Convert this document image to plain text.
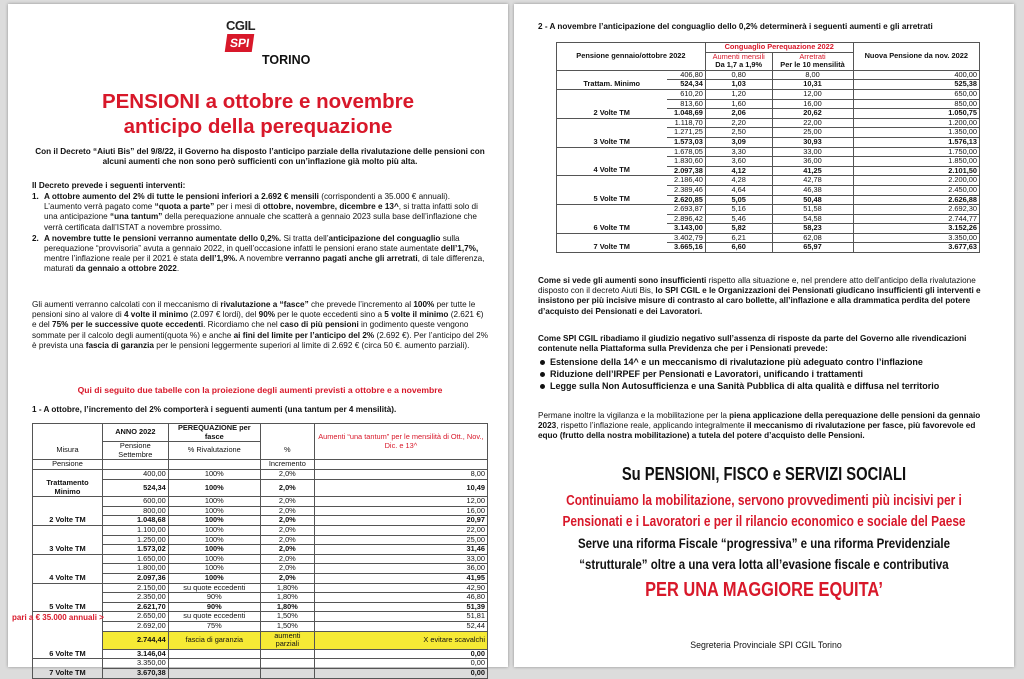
CGIL
SPI
TORINO
PENSIONI a ottobre e novembre
anticipo della perequazione
Con il Decreto “Aiuti Bis” del 9/8/22, il Governo ha disposto l’anticipo parziale della rivalutazione delle pensioni con alcuni aumenti che non sono però sufficienti con un’inflazione già molto più alta.
Il Decreto prevede i seguenti interventi:
1. A ottobre aumento del 2% di tutte le pensioni inferiori a 2.692 € mensili (corrispondenti a 35.000 € annuali). L’aumento verrà pagato come “quota a parte” per i mesi di ottobre, novembre, dicembre e 13^, si tratta infatti solo di una anticipazione “una tantum” della perequazione annuale che scatterà a gennaio 2023 sulla base dell’inflazione che verrà certificata dall’ISTAT a novembre prossimo.
2. A novembre tutte le pensioni verranno aumentate dello 0,2%. Si tratta dell’anticipazione del conguaglio sulla perequazione “provvisoria” avuta a gennaio 2022, in quell’occasione infatti le pensioni erano state aumentate dell’1,7%, mentre l’inflazione reale per il 2021 è stata dell’1,9%. A novembre verranno pagati anche gli arretrati, di tale differenza, maturati da gennaio a ottobre 2022.
Gli aumenti verranno calcolati con il meccanismo di rivalutazione a “fasce” che prevede l’incremento al 100% per tutte le pensioni sino al valore di 4 volte il minimo (2.097 € lordi), del 90% per le quote eccedenti sino a 5 volte il minimo (2.621 €) e del 75% per le successive quote eccedenti. Ricordiamo che nel caso di più pensioni in godimento queste vengono sommate per il calcolo degli aumenti(quota %) e anche ai fini del limite per l’anticipo del 2% (2.692 €). Per l’anticipo del 2% è prevista una fascia di garanzia per le pensioni leggermente superiori al limite di 2.692 € (circa 50 €. aumento parziali).
Qui di seguito due tabelle con la proiezione degli aumenti previsti a ottobre e a novembre
1 - A ottobre, l’incremento del 2% comporterà i seguenti aumenti (una tantum per 4 mensilità).
	ANNO 2022	PEREQUAZIONE per fasce		Aumenti “una tantum” per le mensilità di Ott., Nov., Dic. e 13^
Misura	Pensione Settembre	% Rivalutazione	%	
Pensione			Incremento	
	400,00	100%	2,0%	8,00
Trattamento Minimo	524,34	100%	2,0%	10,49
	600,00	100%	2,0%	12,00
	800,00	100%	2,0%	16,00
2 Volte TM	1.048,68	100%	2,0%	20,97
	1.100,00	100%	2,0%	22,00
	1.250,00	100%	2,0%	25,00
3 Volte TM	1.573,02	100%	2,0%	31,46
	1.650,00	100%	2,0%	33,00
	1.800,00	100%	2,0%	36,00
4 Volte TM	2.097,36	100%	2,0%	41,95
	2.150,00	su quote eccedenti	1,80%	42,90
	2.350,00	90%	1,80%	46,80
5 Volte TM	2.621,70	90%	1,80%	51,39
	2.650,00	su quote eccedenti	1,50%	51,81
	2.692,00	75%	1,50%	52,44
	2.744,44	fascia di garanzia	aumenti parziali	X evitare scavalchi
6 Volte TM	3.146,04			0,00
	3.350,00			0,00
7 Volte TM	3.670,38			0,00
pari a € 35.000 annuali >
2 - A novembre l’anticipazione del conguaglio dello 0,2% determinerà i seguenti aumenti e gli arretrati
Pensione gennaio/ottobre 2022		Conguaglio Perequazione 2022		Nuova Pensione da nov. 2022
		Aumenti mensili	Arretrati	
		Da 1,7 a 1,9%	Per le 10 mensilità	
	406,80	0,80	8,00	400,00
Trattam. Minimo	524,34	1,03	10,31	525,38
	610,20	1,20	12,00	650,00
	813,60	1,60	16,00	850,00
2 Volte TM	1.048,69	2,06	20,62	1.050,75
	1.118,70	2,20	22,00	1.200,00
	1.271,25	2,50	25,00	1.350,00
3 Volte TM	1.573,03	3,09	30,93	1.576,13
	1.678,05	3,30	33,00	1.750,00
	1.830,60	3,60	36,00	1.850,00
4 Volte TM	2.097,38	4,12	41,25	2.101,50
	2.186,40	4,28	42,78	2.200,00
	2.389,46	4,64	46,38	2.450,00
5 Volte TM	2.620,85	5,05	50,48	2.626,88
	2.693,87	5,16	51,58	2.692,30
	2.896,42	5,46	54,58	2.744,77
6 Volte TM	3.143,00	5,82	58,23	3.152,26
	3.402,79	6,21	62,08	3.350,00
7 Volte TM	3.665,16	6,60	65,97	3.677,63
Come si vede gli aumenti sono insufficienti rispetto alla situazione e, nel prendere atto dell’anticipo della rivalutazione disposto con il decreto Aiuti Bis, lo SPI CGIL e le Organizzazioni dei Pensionati giudicano insufficienti gli interventi e insistono per più incisive misure di contrasto al caro bollette, all’inflazione e alla drammatica perdita del potere d’acquisto dei Pensionati e dei Lavoratori.
Come SPI CGIL ribadiamo il giudizio negativo sull’assenza di risposte da parte del Governo alle rivendicazioni contenute nella Piattaforma sulla Previdenza che per i Pensionati prevede:
Estensione della 14^ e un meccanismo di rivalutazione più adeguato contro l’inflazione
Riduzione dell’IRPEF per Pensionati e Lavoratori, unificando i trattamenti
Legge sulla Non Autosufficienza e una Sanità Pubblica di alta qualità e diffusa nel territorio
Permane inoltre la vigilanza e la mobilitazione per la piena applicazione della perequazione delle pensioni da gennaio 2023, rispetto l’inflazione reale, applicando integralmente il meccanismo di rivalutazione per fasce, più favorevole ed equo (frutto della nostra mobilitazione) a tutela del potere d’acquisto delle Pensioni.
Su PENSIONI, FISCO e SERVIZI SOCIALI
Continuiamo la mobilitazione, servono provvedimenti più incisivi per i
Pensionati e i Lavoratori e per il rilancio economico e sociale del Paese
Serve una riforma Fiscale “progressiva” e una riforma Previdenziale
“strutturale” oltre a una vera lotta all’evasione fiscale e contributiva
PER UNA MAGGIORE EQUITA’
Segreteria Provinciale SPI CGIL Torino
